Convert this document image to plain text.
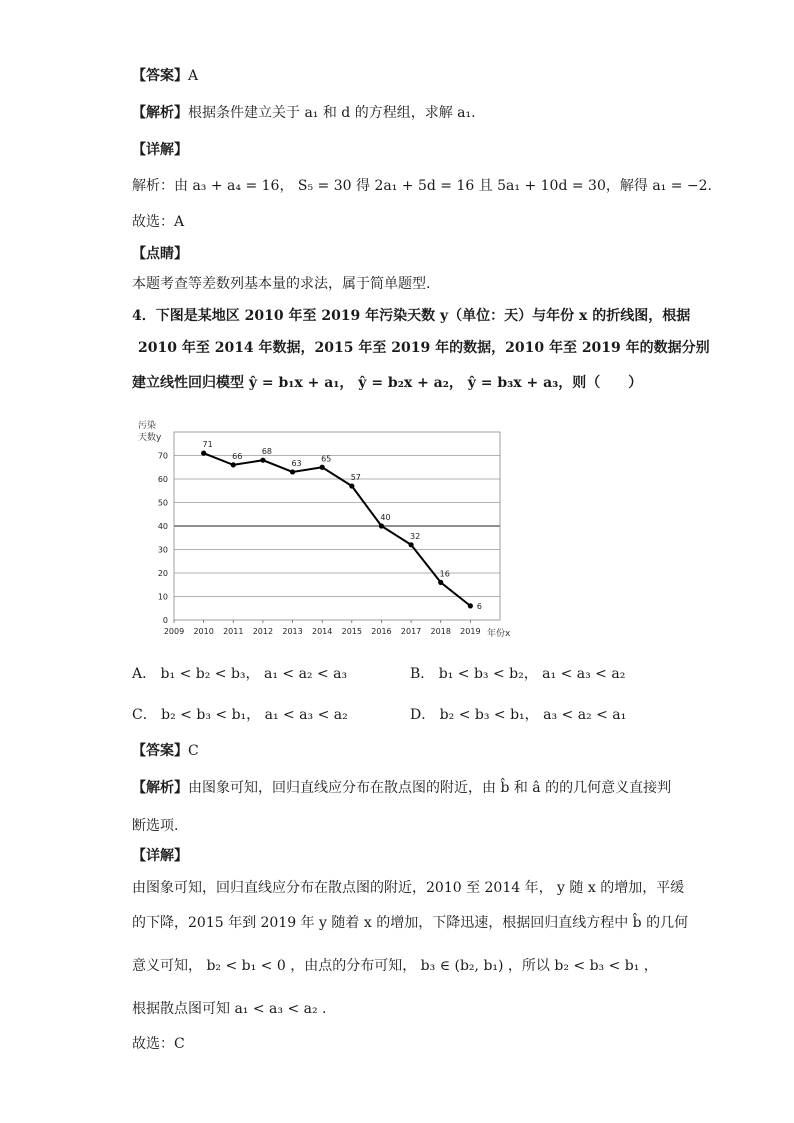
【答案】A
【解析】根据条件建立关于 a₁ 和 d 的方程组，求解 a₁.
【详解】
解析：由 a₃ + a₄ = 16， S₅ = 30 得 2a₁ + 5d = 16 且 5a₁ + 10d = 30，解得 a₁ = −2.
故选：A
【点睛】
本题考查等差数列基本量的求法，属于简单题型.
4．下图是某地区 2010 年至 2019 年污染天数 y（单位：天）与年份 x 的折线图，根据
2010 年至 2014 年数据，2015 年至 2019 年的数据，2010 年至 2019 年的数据分别
建立线性回归模型 ŷ = b₁x + a₁， ŷ = b₂x + a₂， ŷ = b₃x + a₃，则（　　）
0
10
20
30
40
50
60
70
2009 2010 2011 2012 2013 2014 2015 2016 2017 2018 2019
71
66
68
63
65
57
40
32
16
6
污染
天数y
年份x
A． b₁ < b₂ < b₃， a₁ < a₂ < a₃	B． b₁ < b₃ < b₂， a₁ < a₃ < a₂
C． b₂ < b₃ < b₁， a₁ < a₃ < a₂	D． b₂ < b₃ < b₁， a₃ < a₂ < a₁
【答案】C
【解析】由图象可知，回归直线应分布在散点图的附近，由 b̂ 和 â 的的几何意义直接判
断选项.
【详解】
由图象可知，回归直线应分布在散点图的附近，2010 至 2014 年， y 随 x 的增加，平缓
的下降，2015 年到 2019 年 y 随着 x 的增加，下降迅速，根据回归直线方程中 b̂ 的几何
意义可知， b₂ < b₁ < 0 ，由点的分布可知， b₃ ∈ (b₂, b₁) ，所以 b₂ < b₃ < b₁ ，
根据散点图可知 a₁ < a₃ < a₂ .
故选：C
